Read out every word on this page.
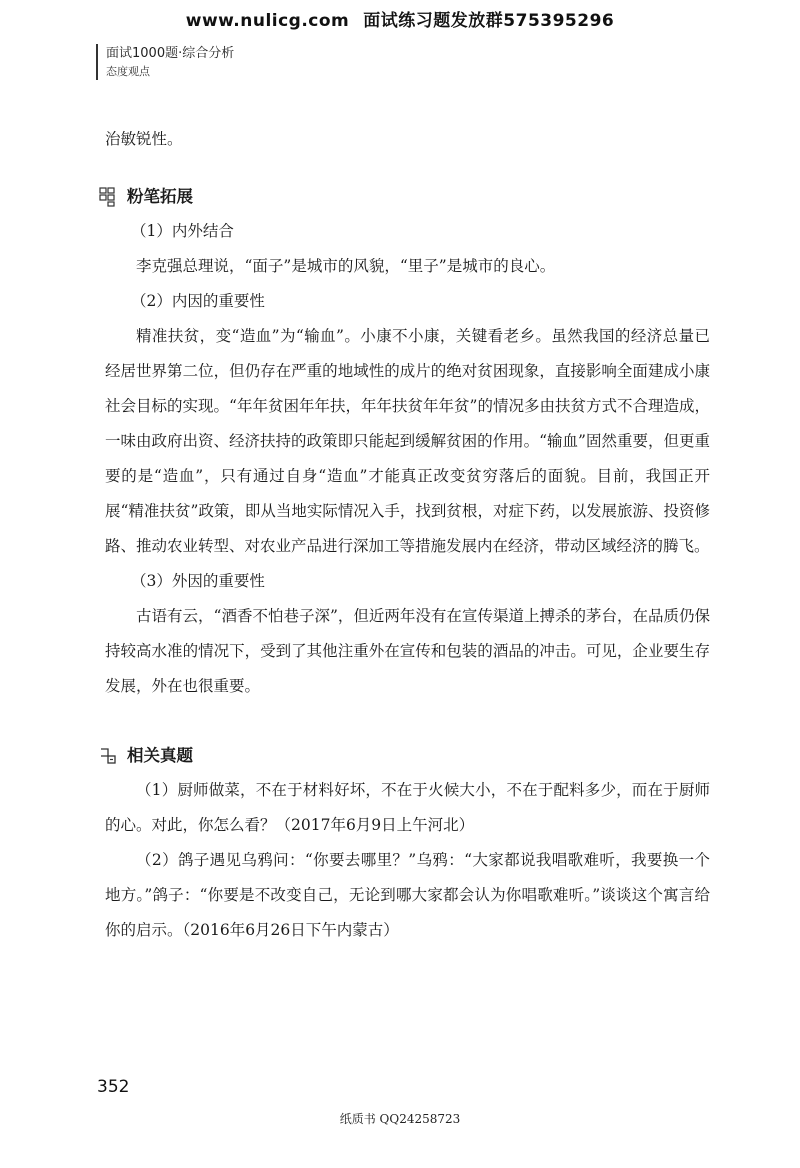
www.nulicg.com 面试练习题发放群575395296
面试1000题·综合分析
态度观点

治敏锐性。

粉笔拓展

（1）内外结合

李克强总理说，“面子”是城市的风貌，“里子”是城市的良心。

（2）内因的重要性

精准扶贫，变“造血”为“输血”。小康不小康，关键看老乡。虽然我国的经济总量已经居世界第二位，但仍存在严重的地域性的成片的绝对贫困现象，直接影响全面建成小康社会目标的实现。“年年贫困年年扶，年年扶贫年年贫”的情况多由扶贫方式不合理造成，一味由政府出资、经济扶持的政策即只能起到缓解贫困的作用。“输血”固然重要，但更重要的是“造血”，只有通过自身“造血”才能真正改变贫穷落后的面貌。目前，我国正开展“精准扶贫”政策，即从当地实际情况入手，找到贫根，对症下药，以发展旅游、投资修路、推动农业转型、对农业产品进行深加工等措施发展内在经济，带动区域经济的腾飞。

（3）外因的重要性

古语有云，“酒香不怕巷子深”，但近两年没有在宣传渠道上搏杀的茅台，在品质仍保持较高水准的情况下，受到了其他注重外在宣传和包装的酒品的冲击。可见，企业要生存发展，外在也很重要。

相关真题

（1）厨师做菜，不在于材料好坏，不在于火候大小，不在于配料多少，而在于厨师的心。对此，你怎么看？（2017年6月9日上午河北）

（2）鸽子遇见乌鸦问：“你要去哪里？”乌鸦：“大家都说我唱歌难听，我要换一个地方。”鸽子：“你要是不改变自己，无论到哪大家都会认为你唱歌难听。”谈谈这个寓言给你的启示。（2016年6月26日下午内蒙古）

352
纸质书 QQ24258723
